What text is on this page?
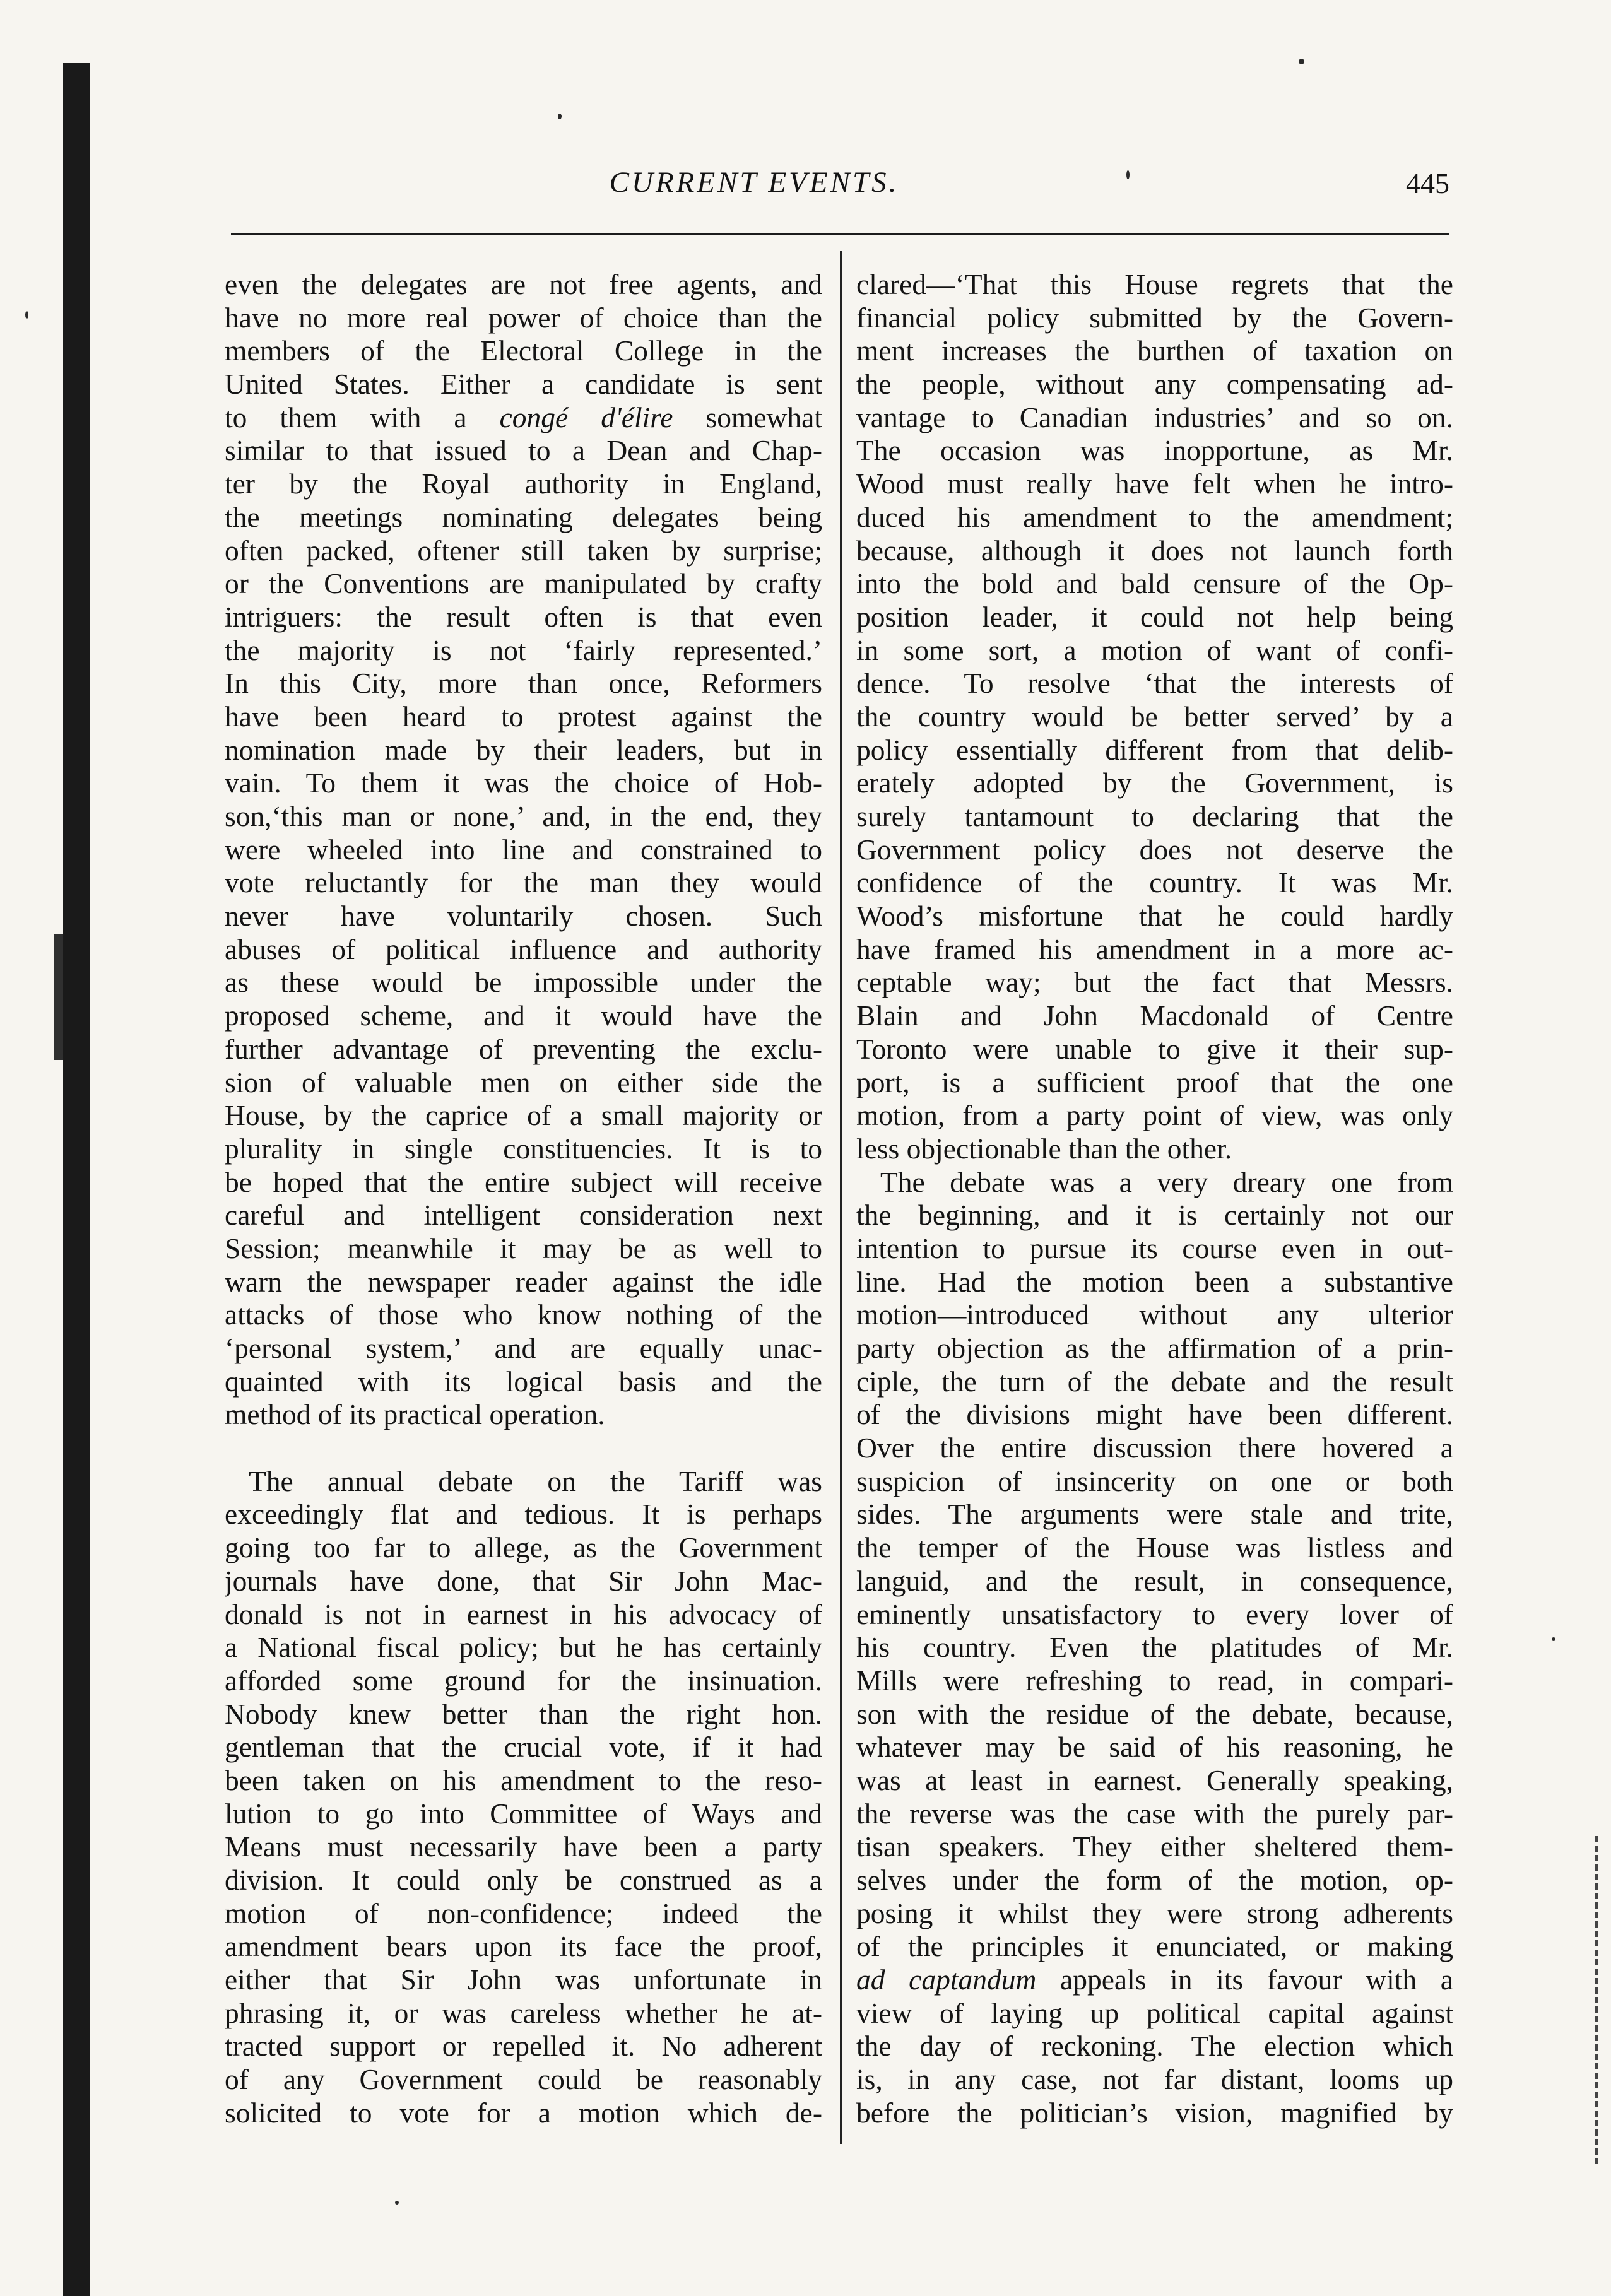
CURRENT EVENTS.	445
even the delegates are not free agents, and
have no more real power of choice than the
members of the Electoral College in the
United States. Either a candidate is sent
to them with a congé d'élire somewhat
similar to that issued to a Dean and Chap-
ter by the Royal authority in England,
the meetings nominating delegates being
often packed, oftener still taken by surprise;
or the Conventions are manipulated by crafty
intriguers: the result often is that even
the majority is not ‘fairly represented.’
In this City, more than once, Reformers
have been heard to protest against the
nomination made by their leaders, but in
vain. To them it was the choice of Hob-
son,‘this man or none,’ and, in the end, they
were wheeled into line and constrained to
vote reluctantly for the man they would
never have voluntarily chosen. Such
abuses of political influence and authority
as these would be impossible under the
proposed scheme, and it would have the
further advantage of preventing the exclu-
sion of valuable men on either side the
House, by the caprice of a small majority or
plurality in single constituencies. It is to
be hoped that the entire subject will receive
careful and intelligent consideration next
Session; meanwhile it may be as well to
warn the newspaper reader against the idle
attacks of those who know nothing of the
‘personal system,’ and are equally unac-
quainted with its logical basis and the
method of its practical operation.
The annual debate on the Tariff was
exceedingly flat and tedious. It is perhaps
going too far to allege, as the Government
journals have done, that Sir John Mac-
donald is not in earnest in his advocacy of
a National fiscal policy; but he has certainly
afforded some ground for the insinuation.
Nobody knew better than the right hon.
gentleman that the crucial vote, if it had
been taken on his amendment to the reso-
lution to go into Committee of Ways and
Means must necessarily have been a party
division. It could only be construed as a
motion of non-confidence; indeed the
amendment bears upon its face the proof,
either that Sir John was unfortunate in
phrasing it, or was careless whether he at-
tracted support or repelled it. No adherent
of any Government could be reasonably
solicited to vote for a motion which de-
clared—‘That this House regrets that the
financial policy submitted by the Govern-
ment increases the burthen of taxation on
the people, without any compensating ad-
vantage to Canadian industries’ and so on.
The occasion was inopportune, as Mr.
Wood must really have felt when he intro-
duced his amendment to the amendment;
because, although it does not launch forth
into the bold and bald censure of the Op-
position leader, it could not help being
in some sort, a motion of want of confi-
dence. To resolve ‘that the interests of
the country would be better served’ by a
policy essentially different from that delib-
erately adopted by the Government, is
surely tantamount to declaring that the
Government policy does not deserve the
confidence of the country. It was Mr.
Wood’s misfortune that he could hardly
have framed his amendment in a more ac-
ceptable way; but the fact that Messrs.
Blain and John Macdonald of Centre
Toronto were unable to give it their sup-
port, is a sufficient proof that the one
motion, from a party point of view, was only
less objectionable than the other.
The debate was a very dreary one from
the beginning, and it is certainly not our
intention to pursue its course even in out-
line. Had the motion been a substantive
motion—introduced without any ulterior
party objection as the affirmation of a prin-
ciple, the turn of the debate and the result
of the divisions might have been different.
Over the entire discussion there hovered a
suspicion of insincerity on one or both
sides. The arguments were stale and trite,
the temper of the House was listless and
languid, and the result, in consequence,
eminently unsatisfactory to every lover of
his country. Even the platitudes of Mr.
Mills were refreshing to read, in compari-
son with the residue of the debate, because,
whatever may be said of his reasoning, he
was at least in earnest. Generally speaking,
the reverse was the case with the purely par-
tisan speakers. They either sheltered them-
selves under the form of the motion, op-
posing it whilst they were strong adherents
of the principles it enunciated, or making
ad captandum appeals in its favour with a
view of laying up political capital against
the day of reckoning. The election which
is, in any case, not far distant, looms up
before the politician’s vision, magnified by
